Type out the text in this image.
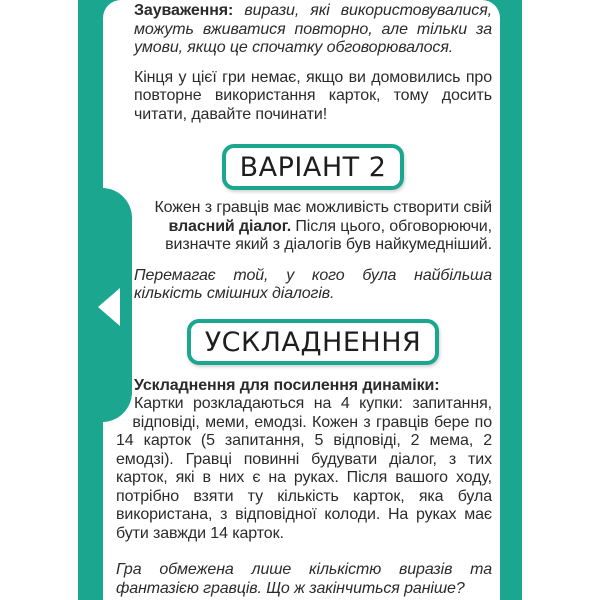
Зауваження: вирази, які використовувалися, можуть вживатися повторно, але тільки за умови, якщо це спочатку обговорювалося.

Кінця у цієї гри немає, якщо ви домовились про повторне використання карток, тому досить читати, давайте починати!

ВАРІАНТ 2

Кожен з гравців має можливість створити свій власний діалог. Після цього, обговорюючи, визначте який з діалогів був найкумедніший.

Перемагає той, у кого була найбільша кількість смішних діалогів.

УСКЛАДНЕННЯ

Ускладнення для посилення динаміки:

Картки розкладаються на 4 купки: запитання, відповіді, меми, емодзі. Кожен з гравців бере по 14 карток (5 запитання, 5 відповіді, 2 мема, 2 емодзі). Гравці повинні будувати діалог, з тих карток, які в них є на руках. Після вашого ходу, потрібно взяти ту кількість карток, яка була використана, з відповідної колоди. На руках має бути завжди 14 карток.

Гра обмежена лише кількістю виразів та фантазією гравців. Що ж закінчиться раніше?
